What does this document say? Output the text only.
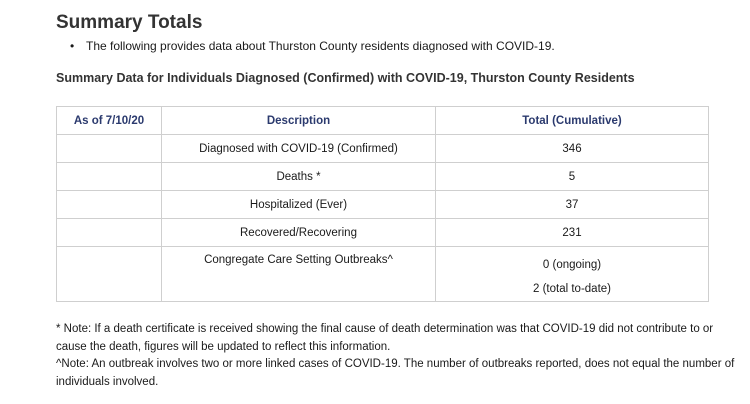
Summary Totals
• The following provides data about Thurston County residents diagnosed with COVID-19.
Summary Data for Individuals Diagnosed (Confirmed) with COVID-19, Thurston County Residents
As of 7/10/20	Description	Total (Cumulative)
	Diagnosed with COVID-19 (Confirmed)	346
	Deaths *	5
	Hospitalized (Ever)	37
	Recovered/Recovering	231
	Congregate Care Setting Outbreaks^	0 (ongoing)
2 (total to-date)

* Note: If a death certificate is received showing the final cause of death determination was that COVID-19 did not contribute to or cause the death, figures will be updated to reflect this information.

^Note: An outbreak involves two or more linked cases of COVID-19. The number of outbreaks reported, does not equal the number of individuals involved.
